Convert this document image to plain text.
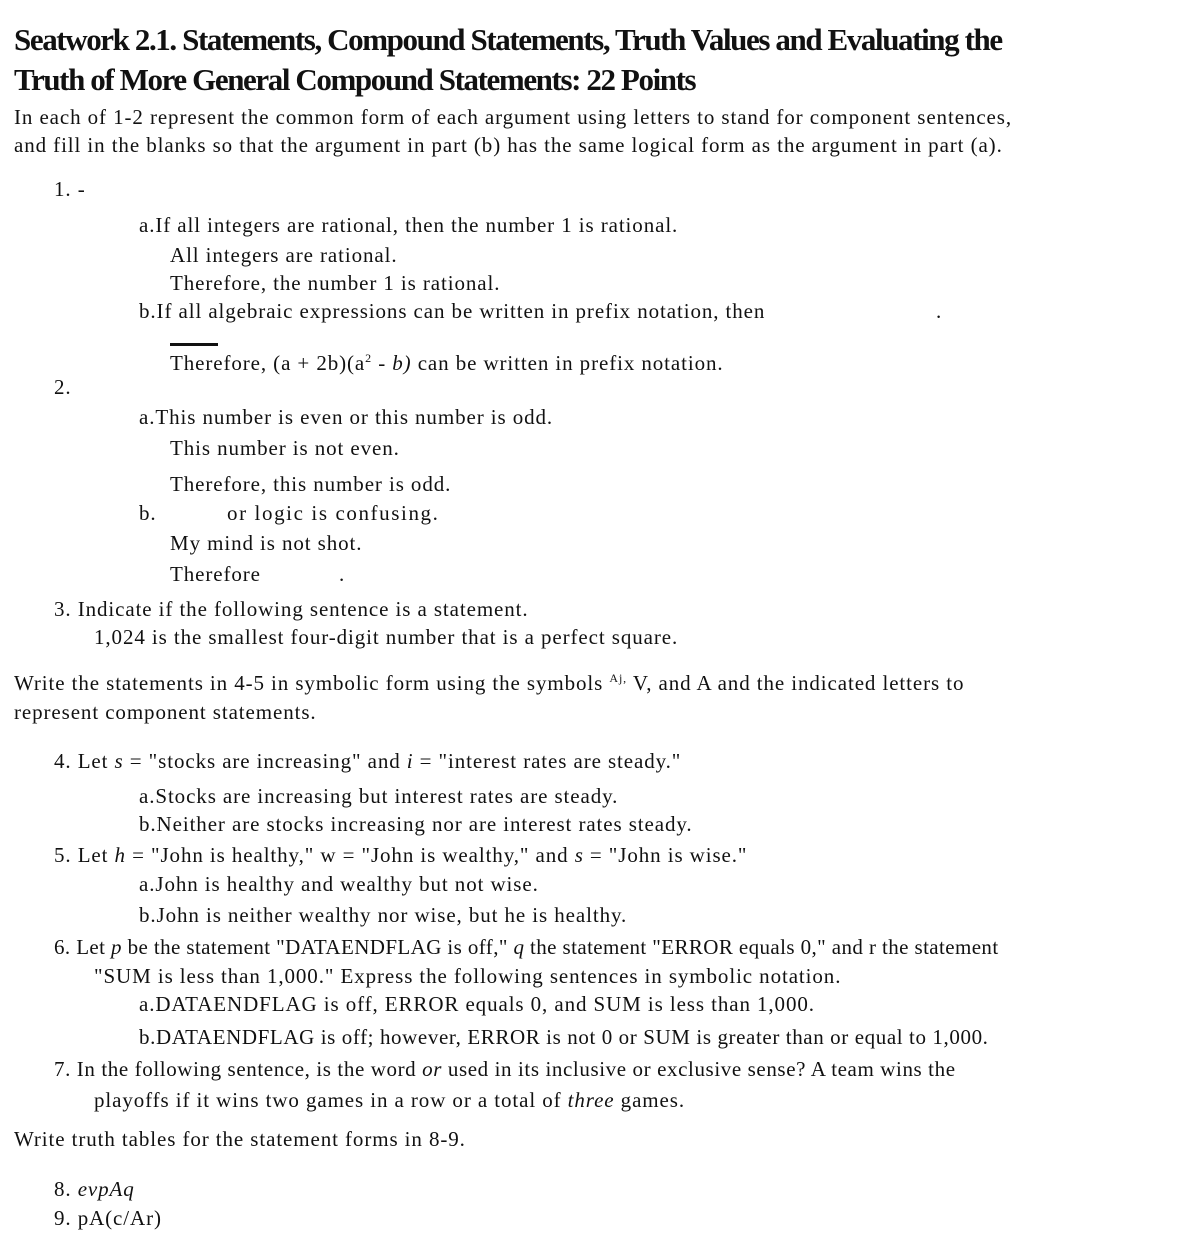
Seatwork 2.1. Statements, Compound Statements, Truth Values and Evaluating the
Truth of More General Compound Statements: 22 Points
In each of 1-2 represent the common form of each argument using letters to stand for component sentences,
and fill in the blanks so that the argument in part (b) has the same logical form as the argument in part (a).
1. -
a.If all integers are rational, then the number 1 is rational.
All integers are rational.
Therefore, the number 1 is rational.
b.If all algebraic expressions can be written in prefix notation, then	.
Therefore, $(a + 2b)(a^2 - b)$ can be written in prefix notation.
2.
a.This number is even or this number is odd.
This number is not even.
Therefore, this number is odd.
b.	or logic is confusing.
My mind is not shot.
Therefore	.
3. Indicate if the following sentence is a statement.
1,024 is the smallest four-digit number that is a perfect square.
Write the statements in 4-5 in symbolic form using the symbols $^{Aj,}$ V, and A and the indicated letters to
represent component statements.
4. Let s = "stocks are increasing" and i = "interest rates are steady."
a.Stocks are increasing but interest rates are steady.
b.Neither are stocks increasing nor are interest rates steady.
5. Let h = "John is healthy," w = "John is wealthy," and s = "John is wise."
a.John is healthy and wealthy but not wise.
b.John is neither wealthy nor wise, but he is healthy.
6. Let p be the statement "DATAENDFLAG is off," q the statement "ERROR equals 0," and r the statement
"SUM is less than 1,000." Express the following sentences in symbolic notation.
a.DATAENDFLAG is off, ERROR equals 0, and SUM is less than 1,000.
b.DATAENDFLAG is off; however, ERROR is not 0 or SUM is greater than or equal to 1,000.
7. In the following sentence, is the word or used in its inclusive or exclusive sense? A team wins the
playoffs if it wins two games in a row or a total of three games.
Write truth tables for the statement forms in 8-9.
8. evpAq
9. pA(c/Ar)
